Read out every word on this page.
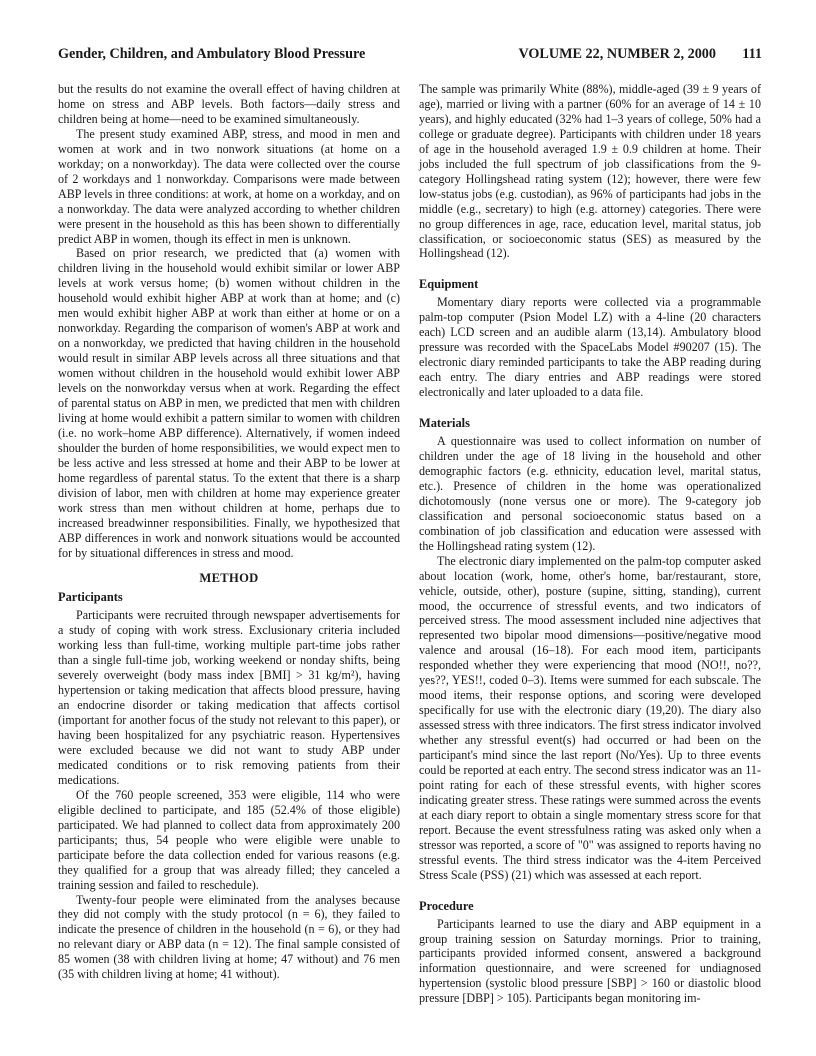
Gender, Children, and Ambulatory Blood Pressure	VOLUME 22, NUMBER 2, 2000 111

but the results do not examine the overall effect of having children at home on stress and ABP levels. Both factors—daily stress and children being at home—need to be examined simultaneously.

The present study examined ABP, stress, and mood in men and women at work and in two nonwork situations (at home on a workday; on a nonworkday). The data were collected over the course of 2 workdays and 1 nonworkday. Comparisons were made between ABP levels in three conditions: at work, at home on a workday, and on a nonworkday. The data were analyzed according to whether children were present in the household as this has been shown to differentially predict ABP in women, though its effect in men is unknown.

Based on prior research, we predicted that (a) women with children living in the household would exhibit similar or lower ABP levels at work versus home; (b) women without children in the household would exhibit higher ABP at work than at home; and (c) men would exhibit higher ABP at work than either at home or on a nonworkday. Regarding the comparison of women's ABP at work and on a nonworkday, we predicted that having children in the household would result in similar ABP levels across all three situations and that women without children in the household would exhibit lower ABP levels on the nonworkday versus when at work. Regarding the effect of parental status on ABP in men, we predicted that men with children living at home would exhibit a pattern similar to women with children (i.e. no work–home ABP difference). Alternatively, if women indeed shoulder the burden of home responsibilities, we would expect men to be less active and less stressed at home and their ABP to be lower at home regardless of parental status. To the extent that there is a sharp division of labor, men with children at home may experience greater work stress than men without children at home, perhaps due to increased breadwinner responsibilities. Finally, we hypothesized that ABP differences in work and nonwork situations would be accounted for by situational differences in stress and mood.

METHOD
Participants

Participants were recruited through newspaper advertisements for a study of coping with work stress. Exclusionary criteria included working less than full-time, working multiple part-time jobs rather than a single full-time job, working weekend or nonday shifts, being severely overweight (body mass index [BMI] > 31 kg/m²), having hypertension or taking medication that affects blood pressure, having an endocrine disorder or taking medication that affects cortisol (important for another focus of the study not relevant to this paper), or having been hospitalized for any psychiatric reason. Hypertensives were excluded because we did not want to study ABP under medicated conditions or to risk removing patients from their medications.

Of the 760 people screened, 353 were eligible, 114 who were eligible declined to participate, and 185 (52.4% of those eligible) participated. We had planned to collect data from approximately 200 participants; thus, 54 people who were eligible were unable to participate before the data collection ended for various reasons (e.g. they qualified for a group that was already filled; they canceled a training session and failed to reschedule).

Twenty-four people were eliminated from the analyses because they did not comply with the study protocol (n = 6), they failed to indicate the presence of children in the household (n = 6), or they had no relevant diary or ABP data (n = 12). The final sample consisted of 85 women (38 with children living at home; 47 without) and 76 men (35 with children living at home; 41 without).

The sample was primarily White (88%), middle-aged (39 ± 9 years of age), married or living with a partner (60% for an average of 14 ± 10 years), and highly educated (32% had 1–3 years of college, 50% had a college or graduate degree). Participants with children under 18 years of age in the household averaged 1.9 ± 0.9 children at home. Their jobs included the full spectrum of job classifications from the 9-category Hollingshead rating system (12); however, there were few low-status jobs (e.g. custodian), as 96% of participants had jobs in the middle (e.g., secretary) to high (e.g. attorney) categories. There were no group differences in age, race, education level, marital status, job classification, or socioeconomic status (SES) as measured by the Hollingshead (12).

Equipment

Momentary diary reports were collected via a programmable palm-top computer (Psion Model LZ) with a 4-line (20 characters each) LCD screen and an audible alarm (13,14). Ambulatory blood pressure was recorded with the SpaceLabs Model #90207 (15). The electronic diary reminded participants to take the ABP reading during each entry. The diary entries and ABP readings were stored electronically and later uploaded to a data file.

Materials

A questionnaire was used to collect information on number of children under the age of 18 living in the household and other demographic factors (e.g. ethnicity, education level, marital status, etc.). Presence of children in the home was operationalized dichotomously (none versus one or more). The 9-category job classification and personal socioeconomic status based on a combination of job classification and education were assessed with the Hollingshead rating system (12).

The electronic diary implemented on the palm-top computer asked about location (work, home, other's home, bar/restaurant, store, vehicle, outside, other), posture (supine, sitting, standing), current mood, the occurrence of stressful events, and two indicators of perceived stress. The mood assessment included nine adjectives that represented two bipolar mood dimensions—positive/negative mood valence and arousal (16–18). For each mood item, participants responded whether they were experiencing that mood (NO!!, no??, yes??, YES!!, coded 0–3). Items were summed for each subscale. The mood items, their response options, and scoring were developed specifically for use with the electronic diary (19,20). The diary also assessed stress with three indicators. The first stress indicator involved whether any stressful event(s) had occurred or had been on the participant's mind since the last report (No/Yes). Up to three events could be reported at each entry. The second stress indicator was an 11-point rating for each of these stressful events, with higher scores indicating greater stress. These ratings were summed across the events at each diary report to obtain a single momentary stress score for that report. Because the event stressfulness rating was asked only when a stressor was reported, a score of "0" was assigned to reports having no stressful events. The third stress indicator was the 4-item Perceived Stress Scale (PSS) (21) which was assessed at each report.

Procedure

Participants learned to use the diary and ABP equipment in a group training session on Saturday mornings. Prior to training, participants provided informed consent, answered a background information questionnaire, and were screened for undiagnosed hypertension (systolic blood pressure [SBP] > 160 or diastolic blood pressure [DBP] > 105). Participants began monitoring im-
